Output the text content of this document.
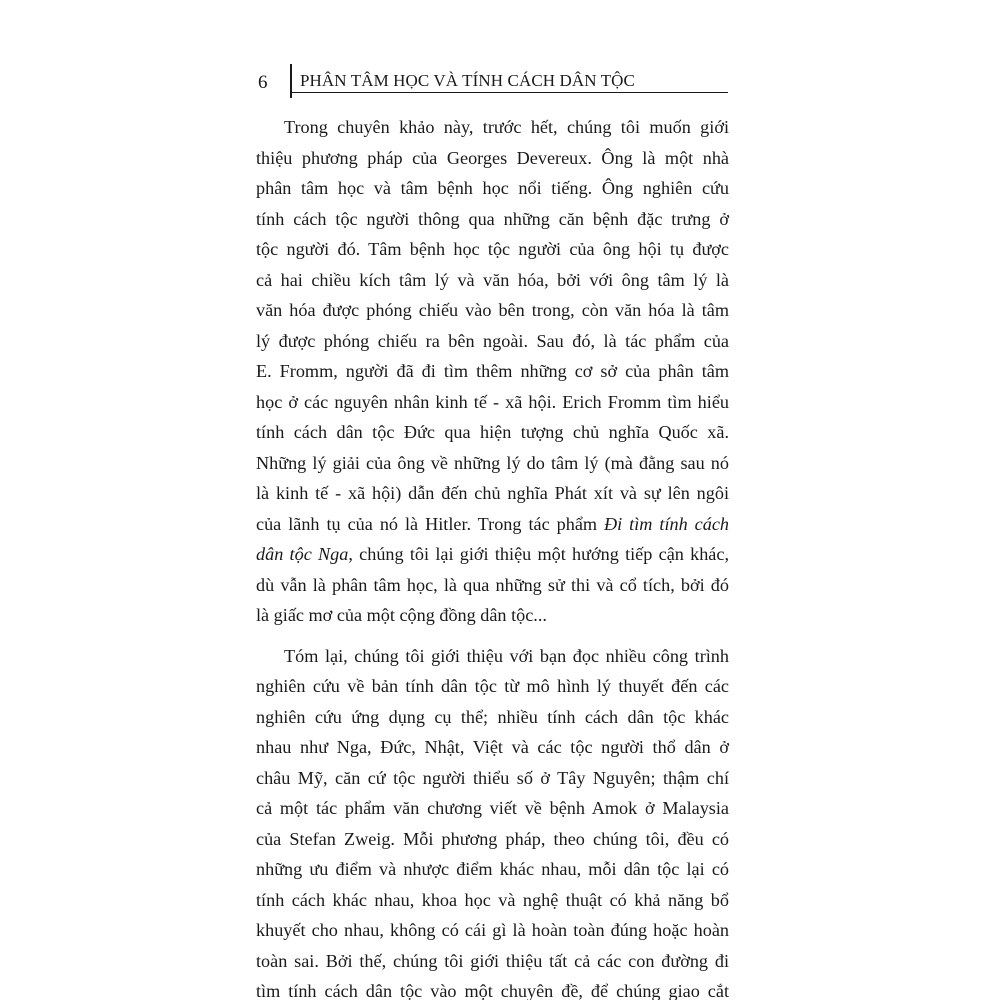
6 PHÂN TÂM HỌC VÀ TÍNH CÁCH DÂN TỘC
Trong chuyên khảo này, trước hết, chúng tôi muốn giới
thiệu phương pháp của Georges Devereux. Ông là một nhà
phân tâm học và tâm bệnh học nổi tiếng. Ông nghiên cứu
tính cách tộc người thông qua những căn bệnh đặc trưng ở
tộc người đó. Tâm bệnh học tộc người của ông hội tụ được
cả hai chiều kích tâm lý và văn hóa, bởi với ông tâm lý là
văn hóa được phóng chiếu vào bên trong, còn văn hóa là tâm
lý được phóng chiếu ra bên ngoài. Sau đó, là tác phẩm của
E. Fromm, người đã đi tìm thêm những cơ sở của phân tâm
học ở các nguyên nhân kinh tế - xã hội. Erich Fromm tìm hiểu
tính cách dân tộc Đức qua hiện tượng chủ nghĩa Quốc xã.
Những lý giải của ông về những lý do tâm lý (mà đằng sau nó
là kinh tế - xã hội) dẫn đến chủ nghĩa Phát xít và sự lên ngôi
của lãnh tụ của nó là Hitler. Trong tác phẩm Đi tìm tính cách
dân tộc Nga, chúng tôi lại giới thiệu một hướng tiếp cận khác,
dù vẫn là phân tâm học, là qua những sử thi và cổ tích, bởi đó
là giấc mơ của một cộng đồng dân tộc...
Tóm lại, chúng tôi giới thiệu với bạn đọc nhiều công trình
nghiên cứu về bản tính dân tộc từ mô hình lý thuyết đến các
nghiên cứu ứng dụng cụ thể; nhiều tính cách dân tộc khác
nhau như Nga, Đức, Nhật, Việt và các tộc người thổ dân ở
châu Mỹ, căn cứ tộc người thiểu số ở Tây Nguyên; thậm chí
cả một tác phẩm văn chương viết về bệnh Amok ở Malaysia
của Stefan Zweig. Mỗi phương pháp, theo chúng tôi, đều có
những ưu điểm và nhược điểm khác nhau, mỗi dân tộc lại có
tính cách khác nhau, khoa học và nghệ thuật có khả năng bổ
khuyết cho nhau, không có cái gì là hoàn toàn đúng hoặc hoàn
toàn sai. Bởi thế, chúng tôi giới thiệu tất cả các con đường đi
tìm tính cách dân tộc vào một chuyên đề, để chúng giao cắt
